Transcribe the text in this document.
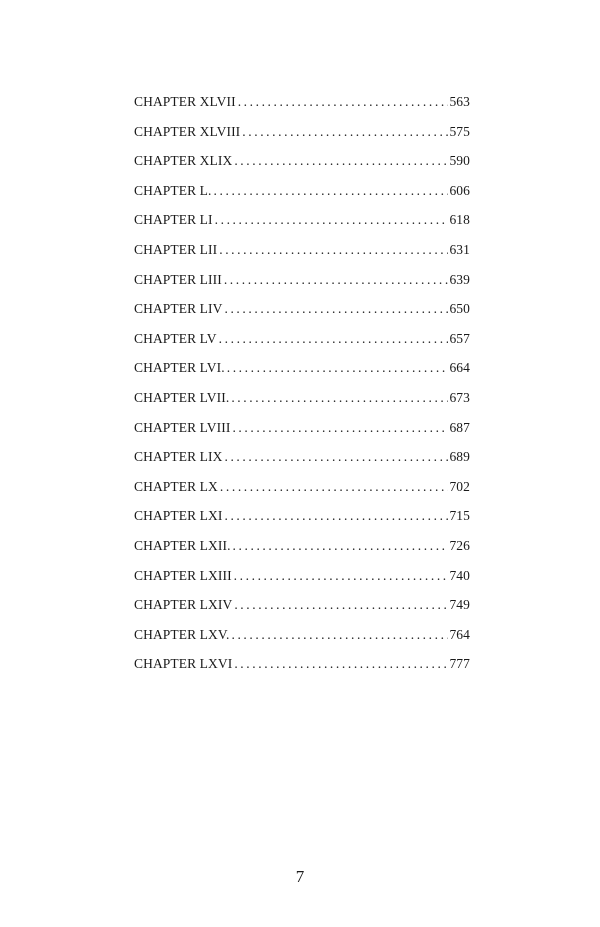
CHAPTER XLVII .....	563
CHAPTER XLVIII .....	575
CHAPTER XLIX .....	590
CHAPTER L. .....	606
CHAPTER LI .....	618
CHAPTER LII .....	631
CHAPTER LIII .....	639
CHAPTER LIV .....	650
CHAPTER LV .....	657
CHAPTER LVI. .....	664
CHAPTER LVII. .....	673
CHAPTER LVIII .....	687
CHAPTER LIX .....	689
CHAPTER LX .....	702
CHAPTER LXI .....	715
CHAPTER LXII. .....	726
CHAPTER LXIII .....	740
CHAPTER LXIV .....	749
CHAPTER LXV. .....	764
CHAPTER LXVI .....	777
7
